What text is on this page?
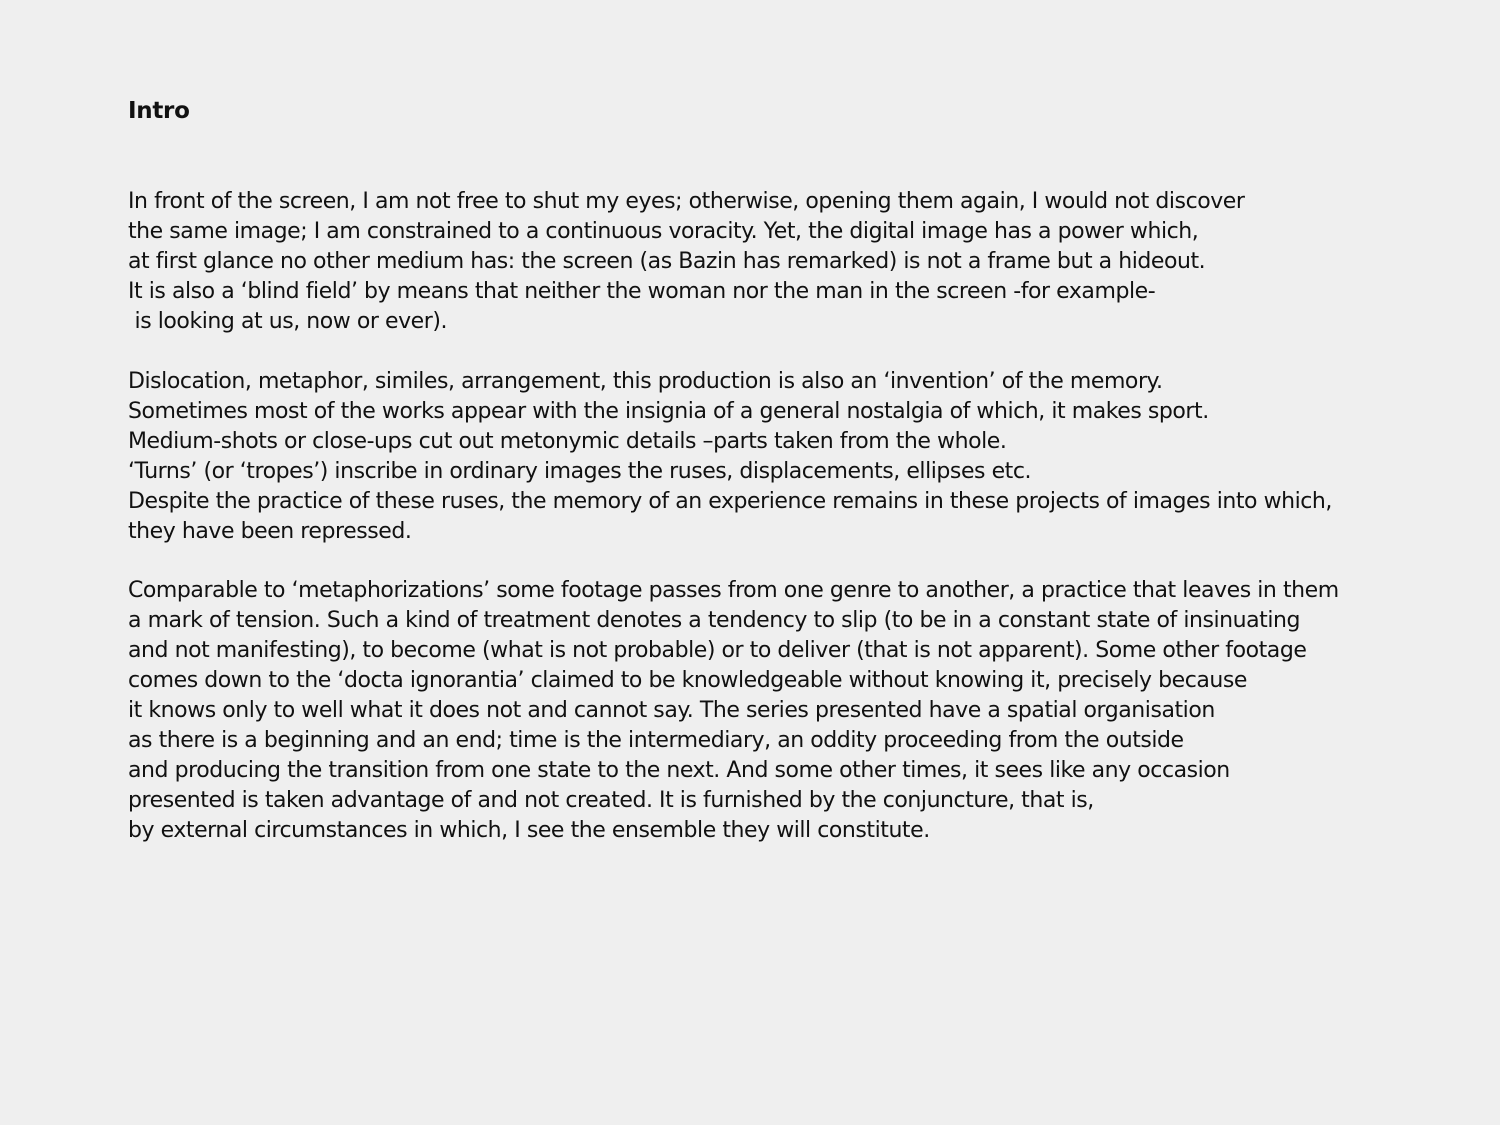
Intro
In front of the screen, I am not free to shut my eyes; otherwise, opening them again, I would not discover
the same image; I am constrained to a continuous voracity. Yet, the digital image has a power which,
at first glance no other medium has: the screen (as Bazin has remarked) is not a frame but a hideout.
It is also a ‘blind field’ by means that neither the woman nor the man in the screen -for example-
is looking at us, now or ever).
Dislocation, metaphor, similes, arrangement, this production is also an ‘invention’ of the memory.
Sometimes most of the works appear with the insignia of a general nostalgia of which, it makes sport.
Medium-shots or close-ups cut out metonymic details –parts taken from the whole.
‘Turns’ (or ‘tropes’) inscribe in ordinary images the ruses, displacements, ellipses etc.
Despite the practice of these ruses, the memory of an experience remains in these projects of images into which,
they have been repressed.
Comparable to ‘metaphorizations’ some footage passes from one genre to another, a practice that leaves in them
a mark of tension. Such a kind of treatment denotes a tendency to slip (to be in a constant state of insinuating
and not manifesting), to become (what is not probable) or to deliver (that is not apparent). Some other footage
comes down to the ‘docta ignorantia’ claimed to be knowledgeable without knowing it, precisely because
it knows only to well what it does not and cannot say. The series presented have a spatial organisation
as there is a beginning and an end; time is the intermediary, an oddity proceeding from the outside
and producing the transition from one state to the next. And some other times, it sees like any occasion
presented is taken advantage of and not created. It is furnished by the conjuncture, that is,
by external circumstances in which, I see the ensemble they will constitute.
